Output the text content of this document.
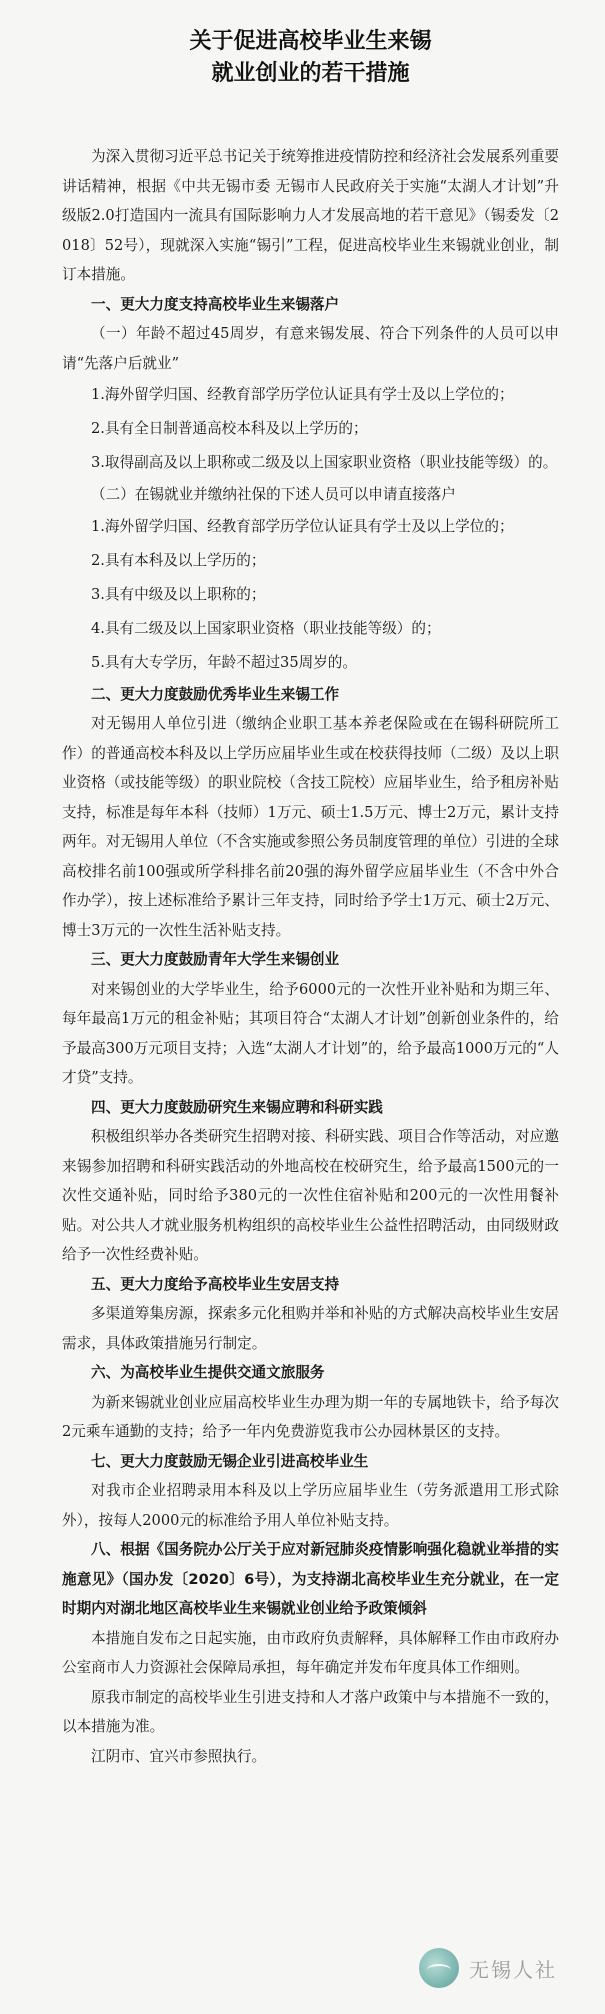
关于促进高校毕业生来锡
就业创业的若干措施

为深入贯彻习近平总书记关于统筹推进疫情防控和经济社会发展系列重要讲话精神，根据《中共无锡市委 无锡市人民政府关于实施“太湖人才计划”升级版2.0打造国内一流具有国际影响力人才发展高地的若干意见》（锡委发〔2018〕52号），现就深入实施“锡引”工程，促进高校毕业生来锡就业创业，制订本措施。

一、更大力度支持高校毕业生来锡落户

（一）年龄不超过45周岁，有意来锡发展、符合下列条件的人员可以申请“先落户后就业”

1.海外留学归国、经教育部学历学位认证具有学士及以上学位的；

2.具有全日制普通高校本科及以上学历的；

3.取得副高及以上职称或二级及以上国家职业资格（职业技能等级）的。

（二）在锡就业并缴纳社保的下述人员可以申请直接落户

1.海外留学归国、经教育部学历学位认证具有学士及以上学位的；

2.具有本科及以上学历的；

3.具有中级及以上职称的；

4.具有二级及以上国家职业资格（职业技能等级）的；

5.具有大专学历，年龄不超过35周岁的。

二、更大力度鼓励优秀毕业生来锡工作

对无锡用人单位引进（缴纳企业职工基本养老保险或在在锡科研院所工作）的普通高校本科及以上学历应届毕业生或在校获得技师（二级）及以上职业资格（或技能等级）的职业院校（含技工院校）应届毕业生，给予租房补贴支持，标准是每年本科（技师）1万元、硕士1.5万元、博士2万元，累计支持两年。对无锡用人单位（不含实施或参照公务员制度管理的单位）引进的全球高校排名前100强或所学科排名前20强的海外留学应届毕业生（不含中外合作办学），按上述标准给予累计三年支持，同时给予学士1万元、硕士2万元、博士3万元的一次性生活补贴支持。

三、更大力度鼓励青年大学生来锡创业

对来锡创业的大学毕业生，给予6000元的一次性开业补贴和为期三年、每年最高1万元的租金补贴；其项目符合“太湖人才计划”创新创业条件的，给予最高300万元项目支持；入选“太湖人才计划”的，给予最高1000万元的“人才贷”支持。

四、更大力度鼓励研究生来锡应聘和科研实践

积极组织举办各类研究生招聘对接、科研实践、项目合作等活动，对应邀来锡参加招聘和科研实践活动的外地高校在校研究生，给予最高1500元的一次性交通补贴，同时给予380元的一次性住宿补贴和200元的一次性用餐补贴。对公共人才就业服务机构组织的高校毕业生公益性招聘活动，由同级财政给予一次性经费补贴。

五、更大力度给予高校毕业生安居支持

多渠道筹集房源，探索多元化租购并举和补贴的方式解决高校毕业生安居需求，具体政策措施另行制定。

六、为高校毕业生提供交通文旅服务

为新来锡就业创业应届高校毕业生办理为期一年的专属地铁卡，给予每次2元乘车通勤的支持；给予一年内免费游览我市公办园林景区的支持。

七、更大力度鼓励无锡企业引进高校毕业生

对我市企业招聘录用本科及以上学历应届毕业生（劳务派遣用工形式除外），按每人2000元的标准给予用人单位补贴支持。

八、根据《国务院办公厅关于应对新冠肺炎疫情影响强化稳就业举措的实施意见》（国办发〔2020〕6号），为支持湖北高校毕业生充分就业，在一定时期内对湖北地区高校毕业生来锡就业创业给予政策倾斜

本措施自发布之日起实施，由市政府负责解释，具体解释工作由市政府办公室商市人力资源社会保障局承担，每年确定并发布年度具体工作细则。

原我市制定的高校毕业生引进支持和人才落户政策中与本措施不一致的，以本措施为准。

江阴市、宜兴市参照执行。

无锡人社
